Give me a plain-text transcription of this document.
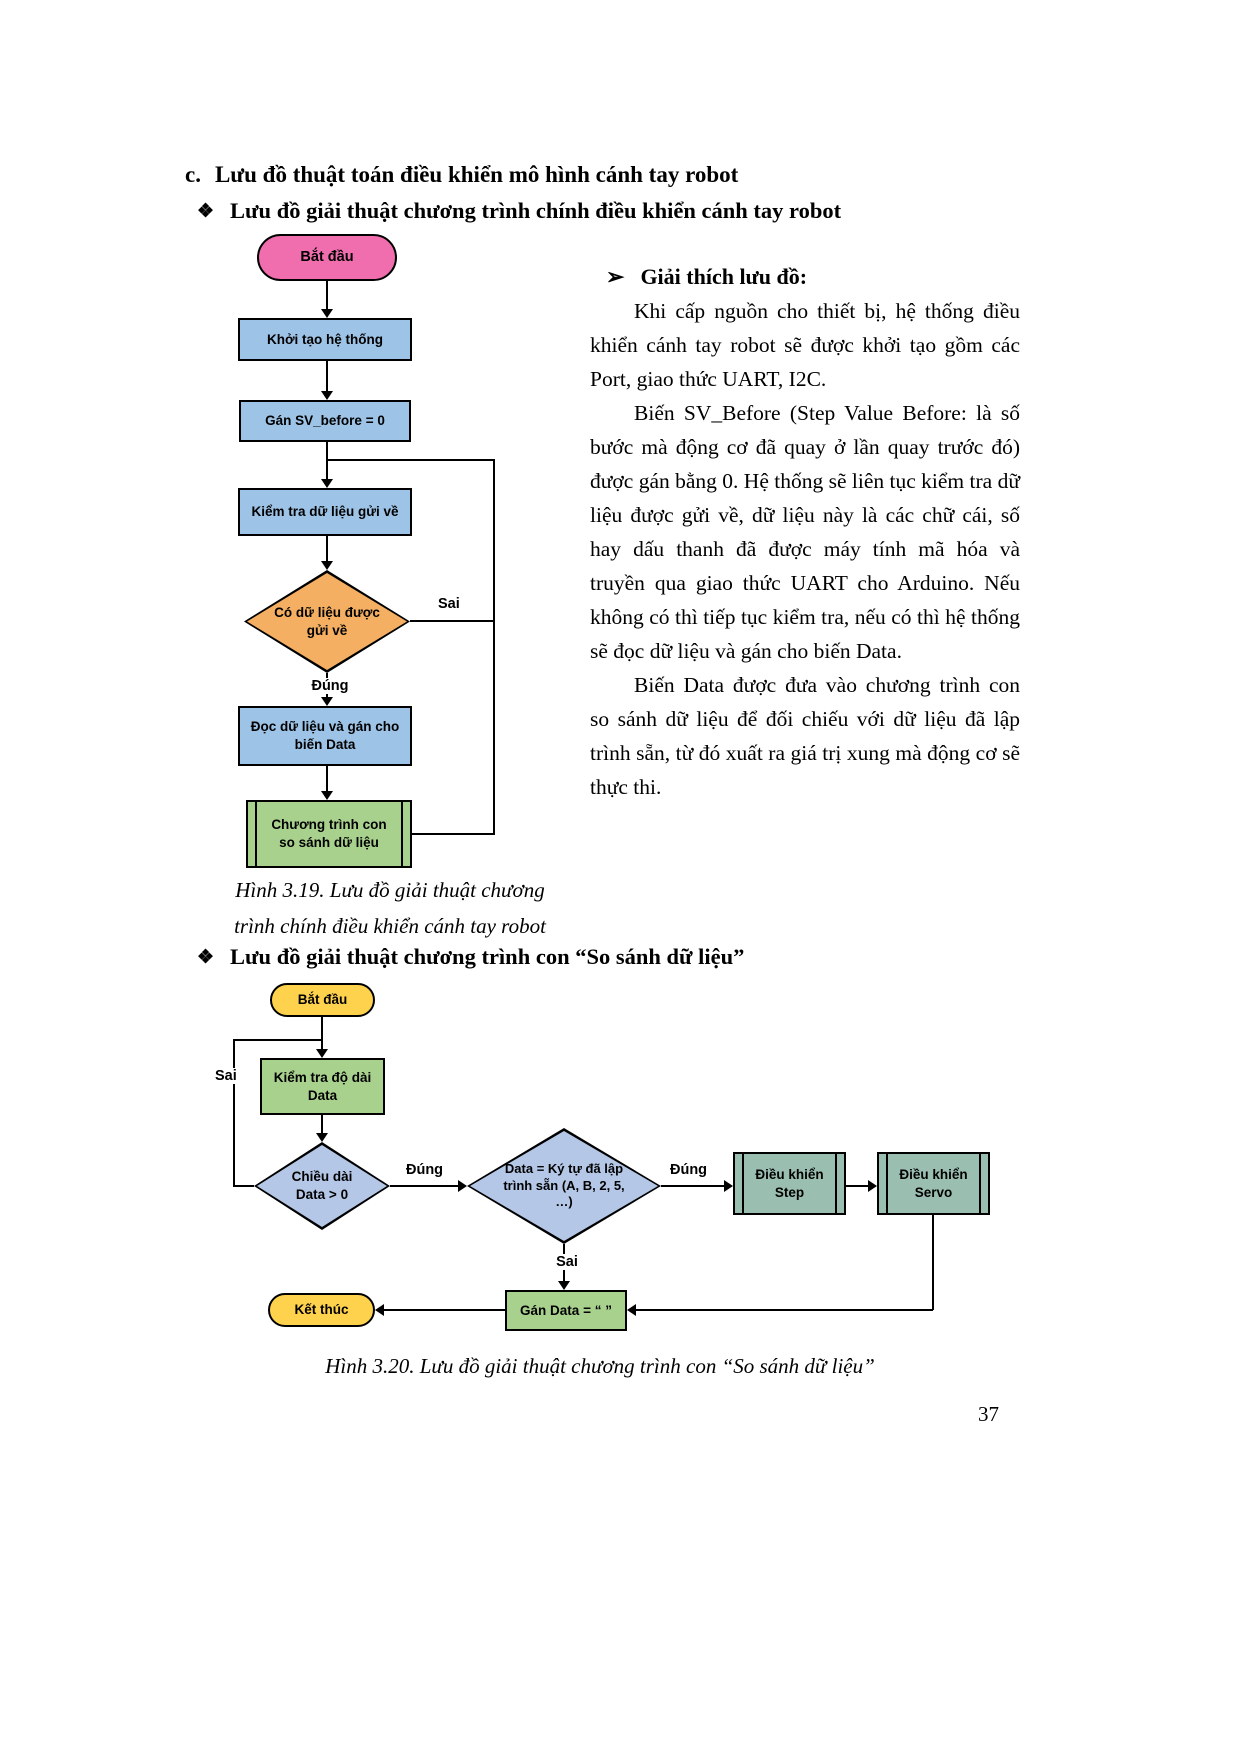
c. Lưu đồ thuật toán điều khiển mô hình cánh tay robot
❖ Lưu đồ giải thuật chương trình chính điều khiển cánh tay robot
Bắt đầu
Khởi tạo hệ thống
Gán SV_before = 0
Kiểm tra dữ liệu gửi về
Có dữ liệu được gửi về
Sai
Đúng
Đọc dữ liệu và gán cho biến Data
Chương trình con so sánh dữ liệu
Hình 3.19. Lưu đồ giải thuật chương
trình chính điều khiển cánh tay robot
➢ Giải thích lưu đồ:

Khi cấp nguồn cho thiết bị, hệ thống điều khiển cánh tay robot sẽ được khởi tạo gồm các Port, giao thức UART, I2C.

Biến SV_Before (Step Value Before: là số bước mà động cơ đã quay ở lần quay trước đó) được gán bằng 0. Hệ thống sẽ liên tục kiểm tra dữ liệu được gửi về, dữ liệu này là các chữ cái, số hay dấu thanh đã được máy tính mã hóa và truyền qua giao thức UART cho Arduino. Nếu không có thì tiếp tục kiểm tra, nếu có thì hệ thống sẽ đọc dữ liệu và gán cho biến Data.

Biến Data được đưa vào chương trình con so sánh dữ liệu để đối chiếu với dữ liệu đã lập trình sẵn, từ đó xuất ra giá trị xung mà động cơ sẽ thực thi.

❖ Lưu đồ giải thuật chương trình con “So sánh dữ liệu”
Sai
Đúng	Đúng
Sai
Bắt đầu
Kiểm tra độ dài Data
Chiều dài Data > 0
Data = Ký tự đã lập trình sẵn (A, B, 2, 5, …)
Điều khiển Step
Điều khiển Servo
Gán Data = “ ”
Kết thúc
Hình 3.20. Lưu đồ giải thuật chương trình con “So sánh dữ liệu”
37
